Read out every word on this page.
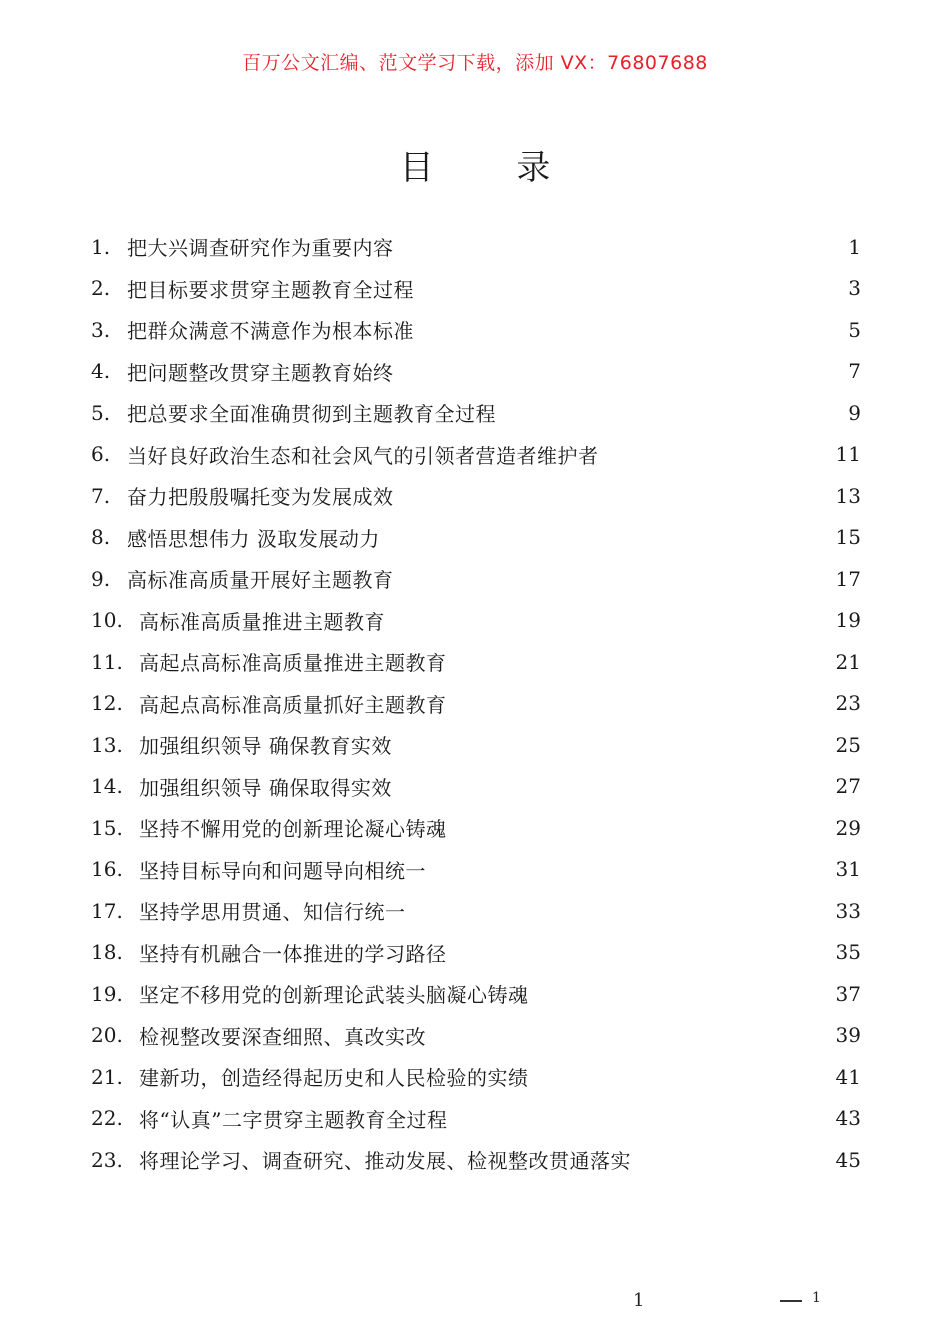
百万公文汇编、范文学习下载，添加 VX：76807688
目 录
1. 把大兴调查研究作为重要内容	1
2. 把目标要求贯穿主题教育全过程	3
3. 把群众满意不满意作为根本标准	5
4. 把问题整改贯穿主题教育始终	7
5. 把总要求全面准确贯彻到主题教育全过程	9
6. 当好良好政治生态和社会风气的引领者营造者维护者	11
7. 奋力把殷殷嘱托变为发展成效	13
8. 感悟思想伟力 汲取发展动力	15
9. 高标准高质量开展好主题教育	17
10. 高标准高质量推进主题教育	19
11. 高起点高标准高质量推进主题教育	21
12. 高起点高标准高质量抓好主题教育	23
13. 加强组织领导 确保教育实效	25
14. 加强组织领导 确保取得实效	27
15. 坚持不懈用党的创新理论凝心铸魂	29
16. 坚持目标导向和问题导向相统一	31
17. 坚持学思用贯通、知信行统一	33
18. 坚持有机融合一体推进的学习路径	35
19. 坚定不移用党的创新理论武装头脑凝心铸魂	37
20. 检视整改要深查细照、真改实改	39
21. 建新功，创造经得起历史和人民检验的实绩	41
22. 将“认真”二字贯穿主题教育全过程	43
23. 将理论学习、调查研究、推动发展、检视整改贯通落实	45
1	1
